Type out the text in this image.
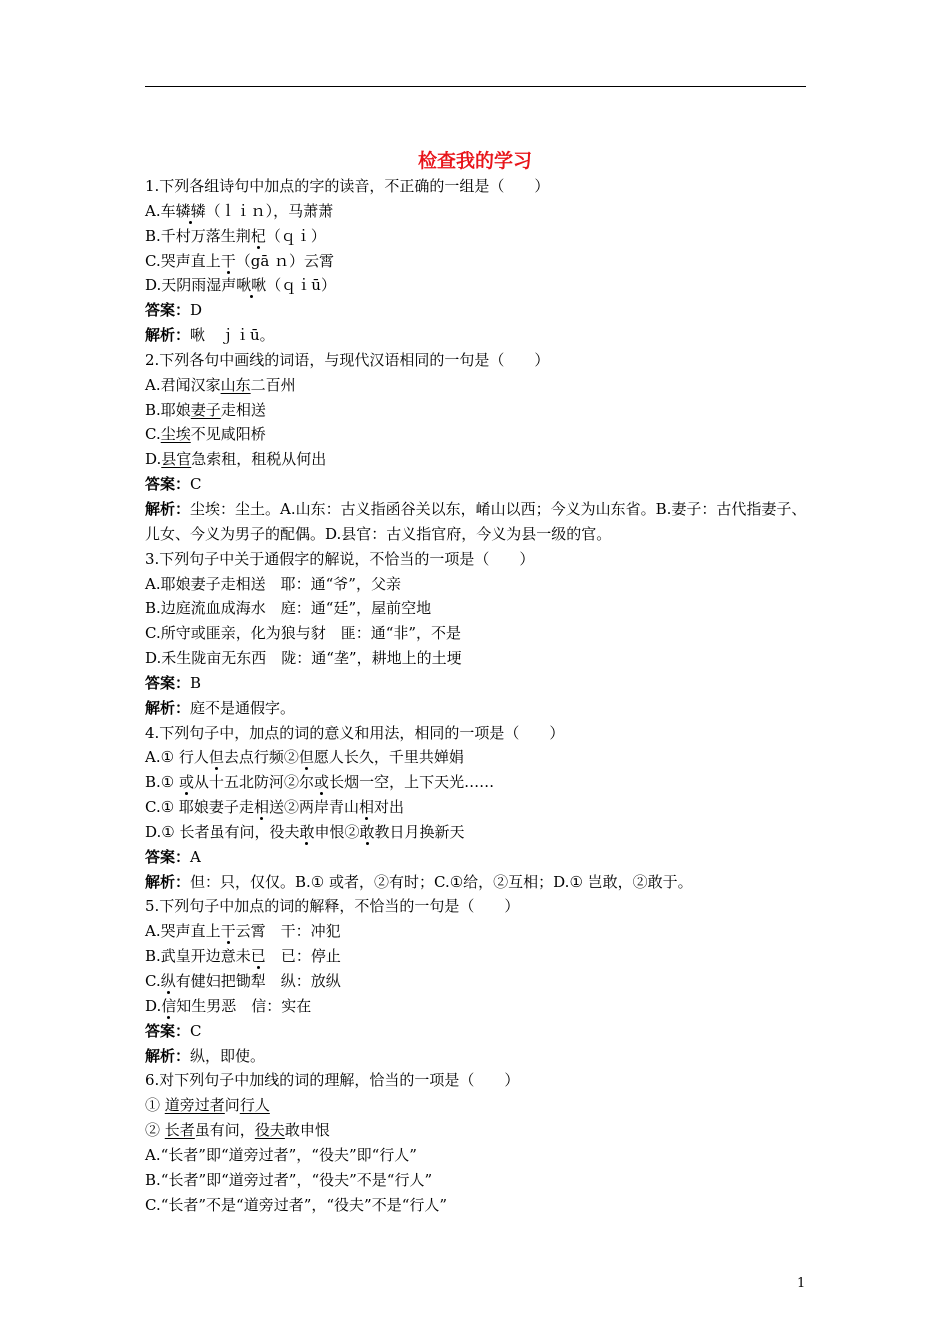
检查我的学习
1.下列各组诗句中加点的字的读音，不正确的一组是（　　）
A.车辚辚（ｌｉｎ），马萧萧
B.千村万落生荆杞（ｑｉ）
C.哭声直上干（gā ｎ）云霄
D.天阴雨湿声啾啾（ｑｉū）
答案：D
解析：啾　ｊｉū。
2.下列各句中画线的词语，与现代汉语相同的一句是（　　）
A.君闻汉家山东二百州
B.耶娘妻子走相送
C.尘埃不见咸阳桥
D.县官急索租，租税从何出
答案：C
解析：尘埃：尘土。A.山东：古义指函谷关以东，崤山以西；今义为山东省。B.妻子：古代指妻子、儿女、今义为男子的配偶。D.县官：古义指官府，今义为县一级的官。
3.下列句子中关于通假字的解说，不恰当的一项是（　　）
A.耶娘妻子走相送　耶：通“爷”，父亲
B.边庭流血成海水　庭：通“廷”，屋前空地
C.所守或匪亲，化为狼与豺　匪：通“非”，不是
D.禾生陇亩无东西　陇：通“垄”，耕地上的土埂
答案：B
解析：庭不是通假字。
4.下列句子中，加点的词的意义和用法，相同的一项是（　　）
A.① 行人但去点行频②但愿人长久，千里共婵娟
B.① 或从十五北防河②尔或长烟一空，上下天光……
C.① 耶娘妻子走相送②两岸青山相对出
D.① 长者虽有问，役夫敢申恨②敢教日月换新天
答案：A
解析：但：只，仅仅。B.① 或者，②有时；C.①给，②互相；D.① 岂敢，②敢于。
5.下列句子中加点的词的解释，不恰当的一句是（　　）
A.哭声直上干云霄　干：冲犯
B.武皇开边意未已　已：停止
C.纵有健妇把锄犁　纵：放纵
D.信知生男恶　信：实在
答案：C
解析：纵，即使。
6.对下列句子中加线的词的理解，恰当的一项是（　　）
① 道旁过者问行人
② 长者虽有问，役夫敢申恨
A.“长者”即“道旁过者”，“役夫”即“行人”
B.“长者”即“道旁过者”，“役夫”不是“行人”
C.“长者”不是“道旁过者”，“役夫”不是“行人”
1
